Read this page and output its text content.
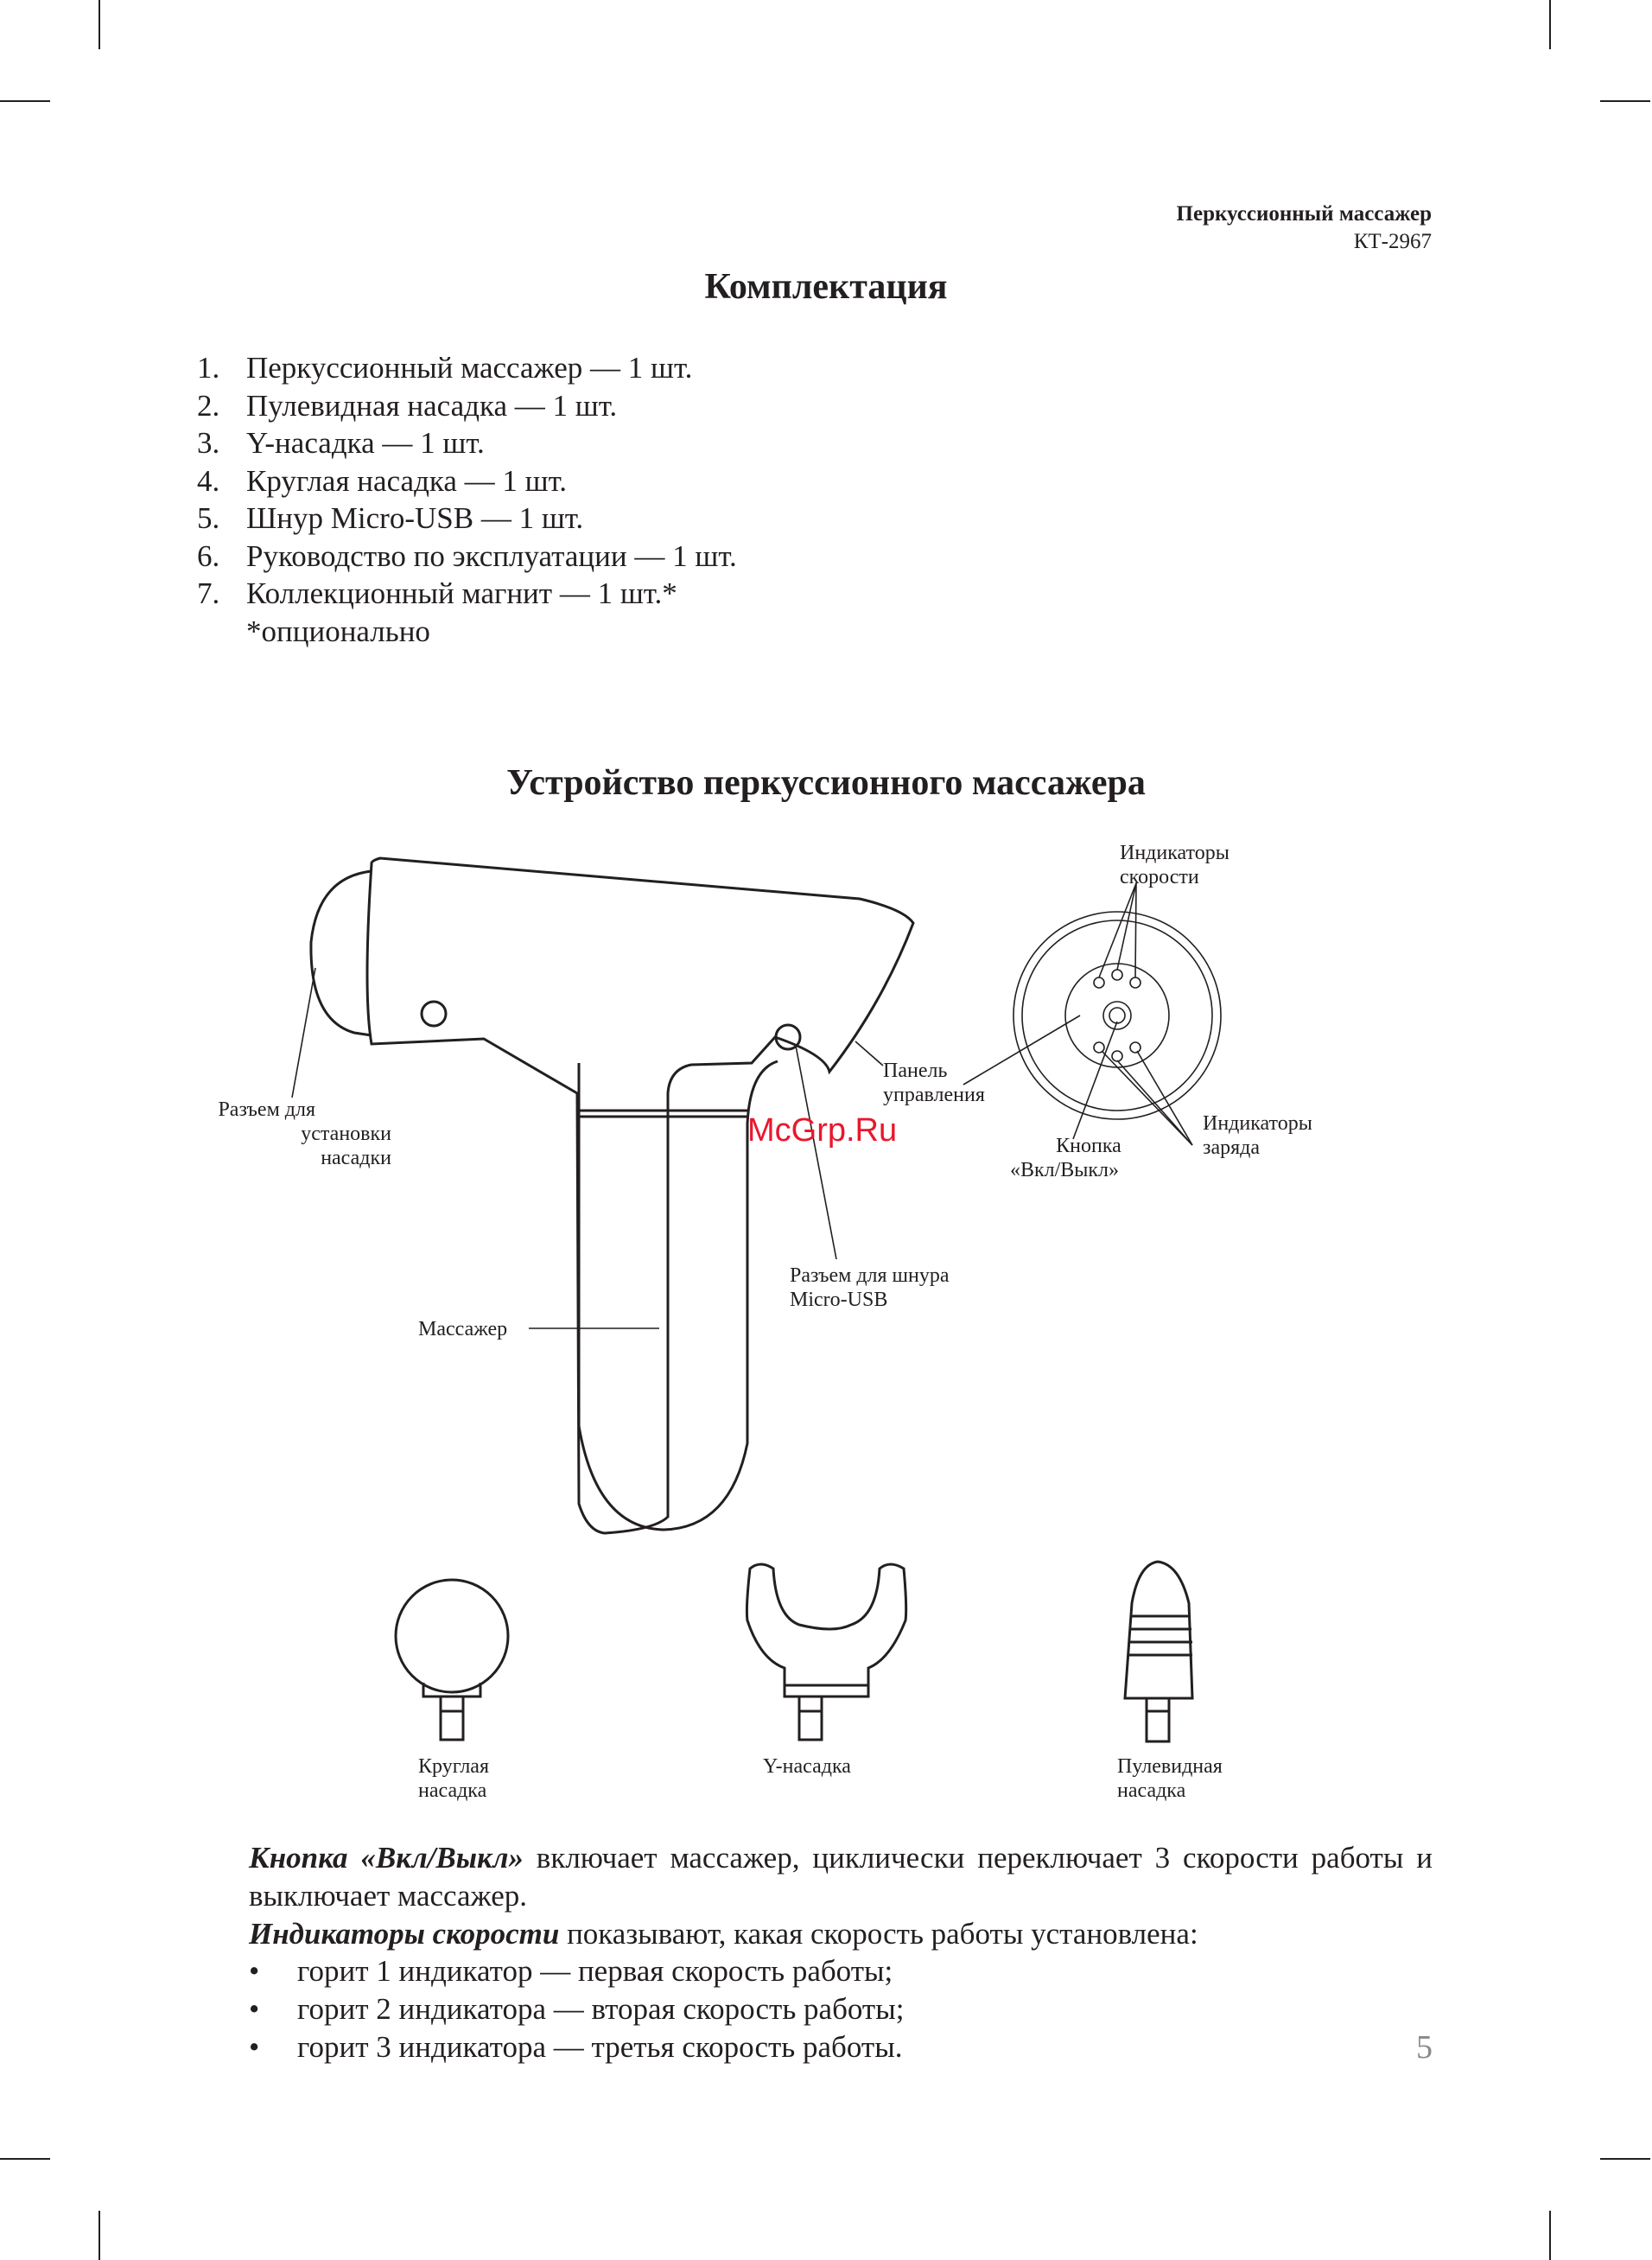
Перкуссионный массажер
КТ-2967
Комплектация
1. Перкуссионный массажер — 1 шт.
2. Пулевидная насадка — 1 шт.
3. Y-насадка — 1 шт.
4. Круглая насадка — 1 шт.
5. Шнур Micro-USB — 1 шт.
6. Руководство по эксплуатации — 1 шт.
7. Коллекционный магнит — 1 шт.*
*опционально
Устройство перкуссионного массажера
Разъем для
установки
насадки
Массажер
Панель
управления
Разъем для шнура
Micro-USB
Индикаторы
скорости
Кнопка
«Вкл/Выкл»
Индикаторы
заряда
Круглая
насадка
Y-насадка	Пулевидная
насадка
McGrp.Ru

Кнопка «Вкл/Выкл» включает массажер, циклически переключает 3 скорости работы и выключает массажер.

Индикаторы скорости показывают, какая скорость работы установлена:

•	горит 1 индикатор — первая скорость работы;
•	горит 2 индикатора — вторая скорость работы;
•	горит 3 индикатора — третья скорость работы.	5
